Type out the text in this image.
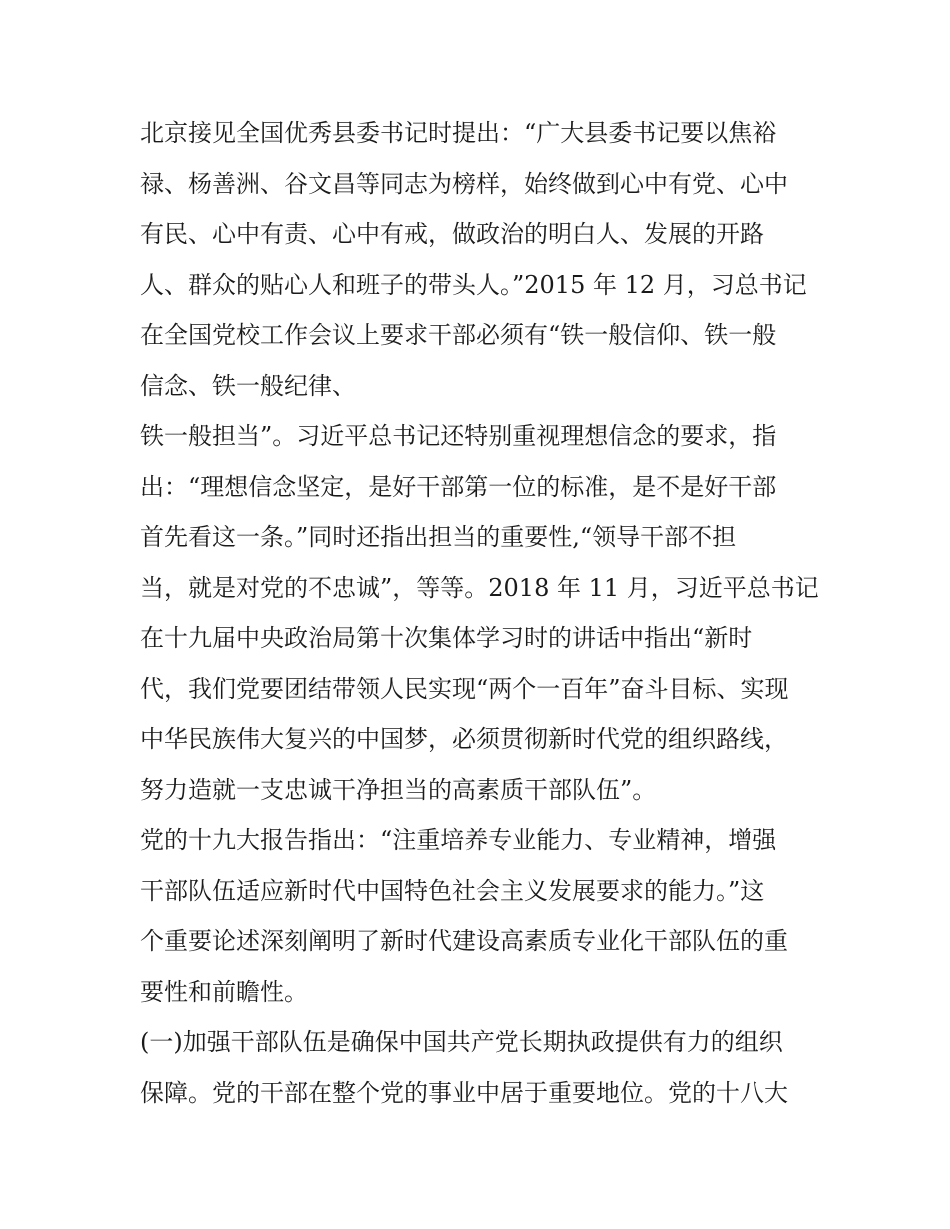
北京接见全国优秀县委书记时提出：“广大县委书记要以焦裕
禄、杨善洲、谷文昌等同志为榜样，始终做到心中有党、心中
有民、心中有责、心中有戒，做政治的明白人、发展的开路
人、群众的贴心人和班子的带头人。”2015 年 12 月，习总书记
在全国党校工作会议上要求干部必须有“铁一般信仰、铁一般
信念、铁一般纪律、
铁一般担当”。习近平总书记还特别重视理想信念的要求，指
出：“理想信念坚定，是好干部第一位的标准，是不是好干部
首先看这一条。”同时还指出担当的重要性,“领导干部不担
当，就是对党的不忠诚”，等等。2018 年 11 月，习近平总书记
在十九届中央政治局第十次集体学习时的讲话中指出“新时
代，我们党要团结带领人民实现“两个一百年”奋斗目标、实现
中华民族伟大复兴的中国梦，必须贯彻新时代党的组织路线，
努力造就一支忠诚干净担当的高素质干部队伍”。
党的十九大报告指出：“注重培养专业能力、专业精神，增强
干部队伍适应新时代中国特色社会主义发展要求的能力。”这
个重要论述深刻阐明了新时代建设高素质专业化干部队伍的重
要性和前瞻性。
(一)加强干部队伍是确保中国共产党长期执政提供有力的组织
保障。党的干部在整个党的事业中居于重要地位。党的十八大
